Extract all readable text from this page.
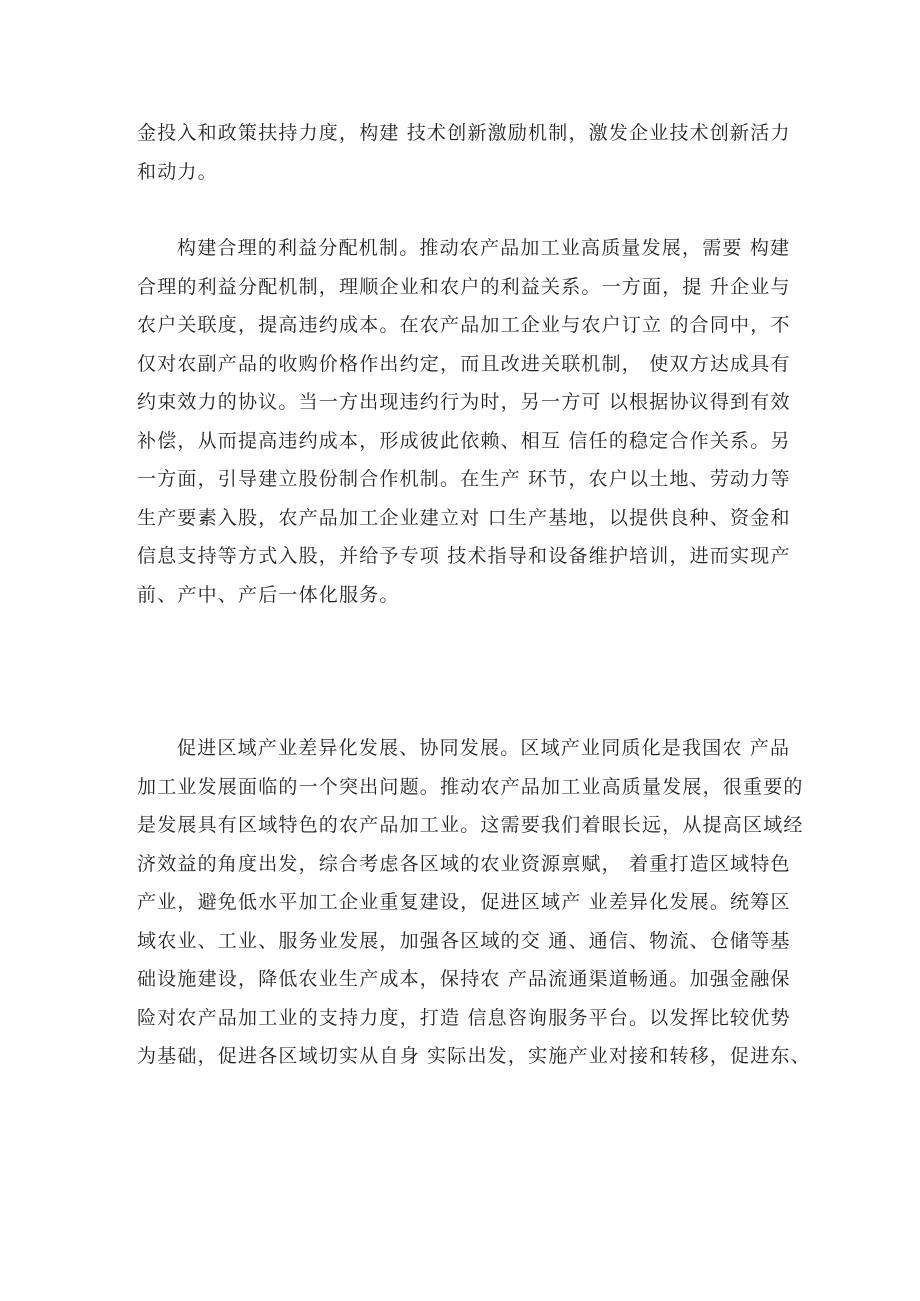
金投入和政策扶持力度，构建 技术创新激励机制，激发企业技术创新活力
和动力。
构建合理的利益分配机制。推动农产品加工业高质量发展，需要 构建
合理的利益分配机制，理顺企业和农户的利益关系。一方面，提 升企业与
农户关联度，提高违约成本。在农产品加工企业与农户订立 的合同中，不
仅对农副产品的收购价格作出约定，而且改进关联机制， 使双方达成具有
约束效力的协议。当一方出现违约行为时，另一方可 以根据协议得到有效
补偿，从而提高违约成本，形成彼此依赖、相互 信任的稳定合作关系。另
一方面，引导建立股份制合作机制。在生产 环节，农户以土地、劳动力等
生产要素入股，农产品加工企业建立对 口生产基地，以提供良种、资金和
信息支持等方式入股，并给予专项 技术指导和设备维护培训，进而实现产
前、产中、产后一体化服务。
促进区域产业差异化发展、协同发展。区域产业同质化是我国农 产品
加工业发展面临的一个突出问题。推动农产品加工业高质量发展，很重要的
是发展具有区域特色的农产品加工业。这需要我们着眼长远，从提高区域经
济效益的角度出发，综合考虑各区域的农业资源禀赋， 着重打造区域特色
产业，避免低水平加工企业重复建设，促进区域产 业差异化发展。统筹区
域农业、工业、服务业发展，加强各区域的交 通、通信、物流、仓储等基
础设施建设，降低农业生产成本，保持农 产品流通渠道畅通。加强金融保
险对农产品加工业的支持力度，打造 信息咨询服务平台。以发挥比较优势
为基础，促进各区域切实从自身 实际出发，实施产业对接和转移，促进东、
